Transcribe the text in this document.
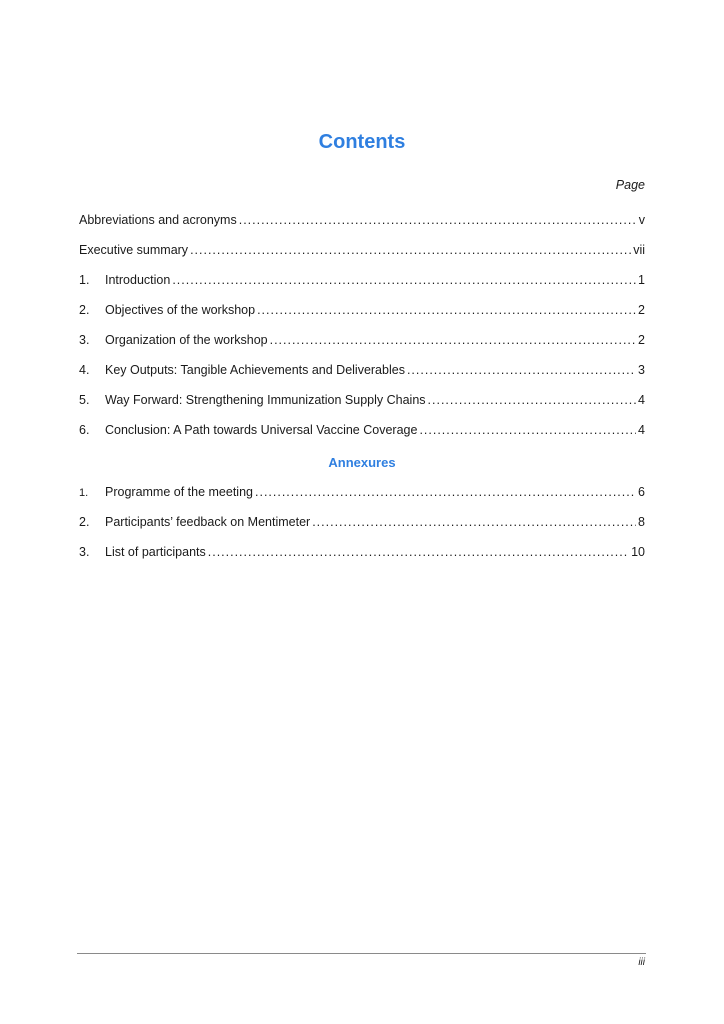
Contents
Page
Abbreviations and acronyms .....	v
Executive summary .....	vii
1.	Introduction .....	1
2.	Objectives of the workshop .....	2
3.	Organization of the workshop .....	2
4.	Key Outputs: Tangible Achievements and Deliverables .....	3
5.	Way Forward: Strengthening Immunization Supply Chains .....	4
6.	Conclusion: A Path towards Universal Vaccine Coverage .....	4
Annexures
1.	Programme of the meeting .....	6
2.	Participants’ feedback on Mentimeter .....	8
3.	List of participants .....	10
iii
